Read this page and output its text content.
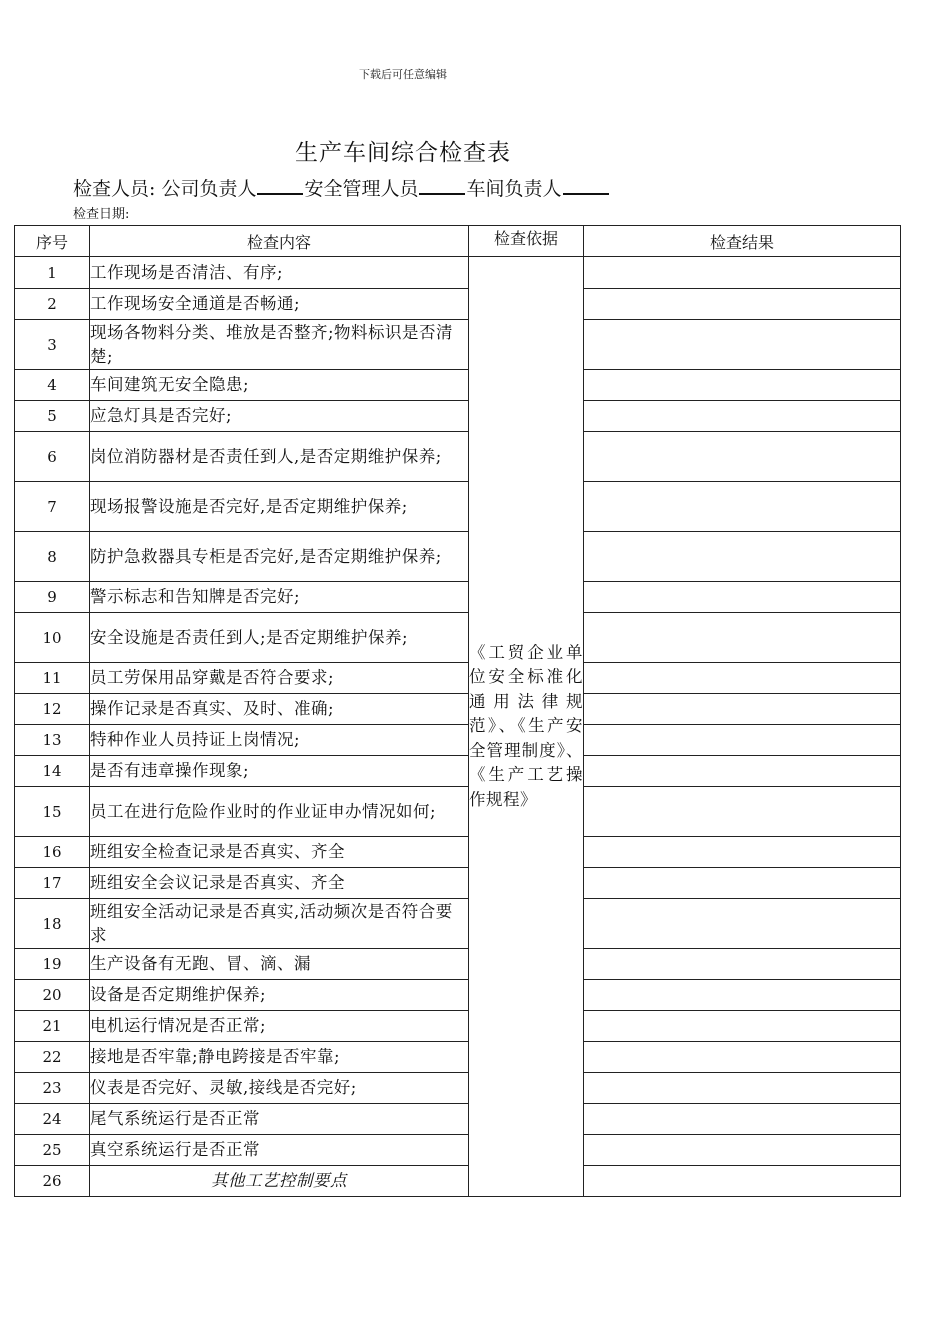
下载后可任意编辑
生产车间综合检查表
检查人员: 公司负责人	安全管理人员	车间负责人
检查日期:
序号	检查内容	检查依据	检查结果
1	工作现场是否清洁、有序;	《工贸企业单位安全标准化通用法律规范》、《生产安全管理制度》、《生产工艺操作规程》	
2	工作现场安全通道是否畅通;		
3	现场各物料分类、堆放是否整齐;物料标识是否清楚;		
4	车间建筑无安全隐患;		
5	应急灯具是否完好;		
6	岗位消防器材是否责任到人,是否定期维护保养;		
7	现场报警设施是否完好,是否定期维护保养;		
8	防护急救器具专柜是否完好,是否定期维护保养;		
9	警示标志和告知牌是否完好;		
10	安全设施是否责任到人;是否定期维护保养;		
11	员工劳保用品穿戴是否符合要求;		
12	操作记录是否真实、及时、准确;		
13	特种作业人员持证上岗情况;		
14	是否有违章操作现象;		
15	员工在进行危险作业时的作业证申办情况如何;		
16	班组安全检查记录是否真实、齐全		
17	班组安全会议记录是否真实、齐全		
18	班组安全活动记录是否真实,活动频次是否符合要求		
19	生产设备有无跑、冒、滴、漏		
20	设备是否定期维护保养;		
21	电机运行情况是否正常;		
22	接地是否牢靠;静电跨接是否牢靠;		
23	仪表是否完好、灵敏,接线是否完好;		
24	尾气系统运行是否正常		
25	真空系统运行是否正常		
26	其他工艺控制要点		
